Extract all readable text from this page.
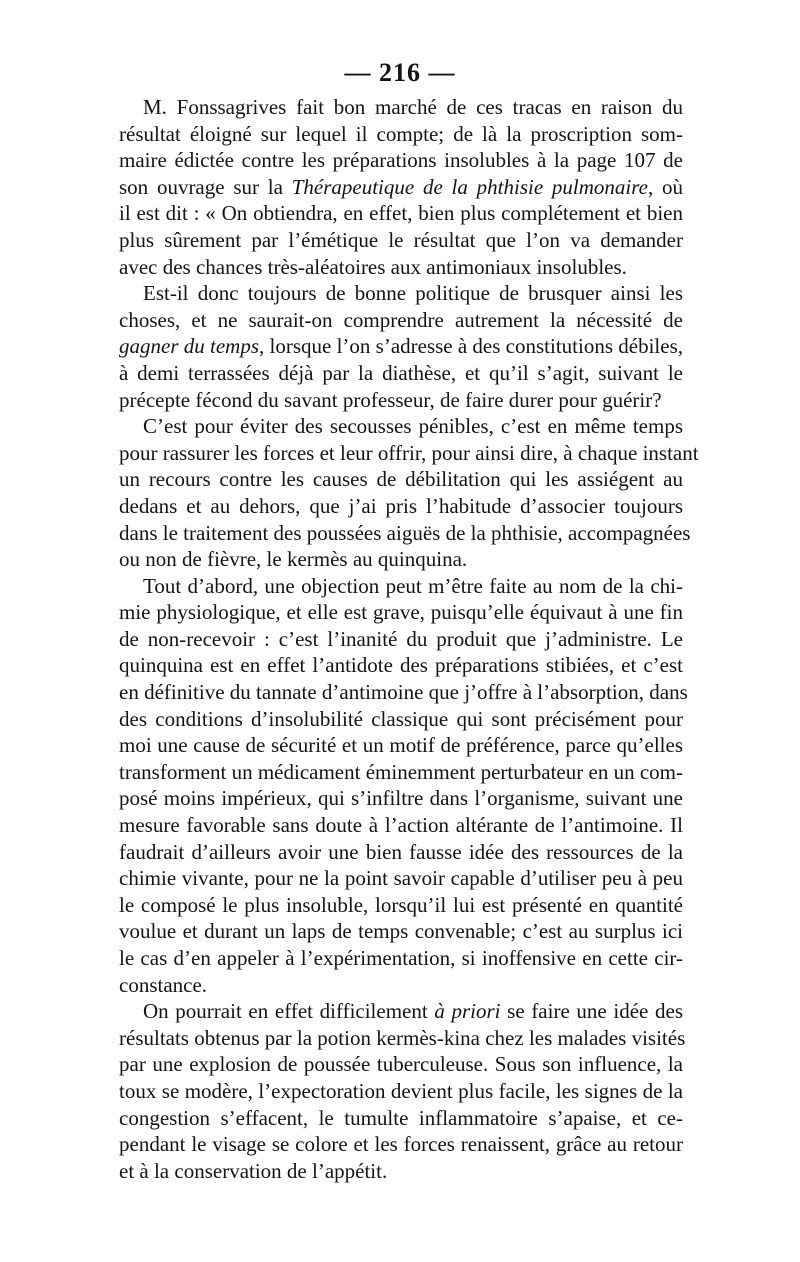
— 216 —
M. Fonssagrives fait bon marché de ces tracas en raison du
résultat éloigné sur lequel il compte; de là la proscription som-
maire édictée contre les préparations insolubles à la page 107 de
son ouvrage sur la Thérapeutique de la phthisie pulmonaire, où
il est dit : « On obtiendra, en effet, bien plus complétement et bien
plus sûrement par l’émétique le résultat que l’on va demander
avec des chances très-aléatoires aux antimoniaux insolubles.
Est-il donc toujours de bonne politique de brusquer ainsi les
choses, et ne saurait-on comprendre autrement la nécessité de
gagner du temps, lorsque l’on s’adresse à des constitutions débiles,
à demi terrassées déjà par la diathèse, et qu’il s’agit, suivant le
précepte fécond du savant professeur, de faire durer pour guérir?
C’est pour éviter des secousses pénibles, c’est en même temps
pour rassurer les forces et leur offrir, pour ainsi dire, à chaque instant
un recours contre les causes de débilitation qui les assiégent au
dedans et au dehors, que j’ai pris l’habitude d’associer toujours
dans le traitement des poussées aiguës de la phthisie, accompagnées
ou non de fièvre, le kermès au quinquina.
Tout d’abord, une objection peut m’être faite au nom de la chi-
mie physiologique, et elle est grave, puisqu’elle équivaut à une fin
de non-recevoir : c’est l’inanité du produit que j’administre. Le
quinquina est en effet l’antidote des préparations stibiées, et c’est
en définitive du tannate d’antimoine que j’offre à l’absorption, dans
des conditions d’insolubilité classique qui sont précisément pour
moi une cause de sécurité et un motif de préférence, parce qu’elles
transforment un médicament éminemment perturbateur en un com-
posé moins impérieux, qui s’infiltre dans l’organisme, suivant une
mesure favorable sans doute à l’action altérante de l’antimoine. Il
faudrait d’ailleurs avoir une bien fausse idée des ressources de la
chimie vivante, pour ne la point savoir capable d’utiliser peu à peu
le composé le plus insoluble, lorsqu’il lui est présenté en quantité
voulue et durant un laps de temps convenable; c’est au surplus ici
le cas d’en appeler à l’expérimentation, si inoffensive en cette cir-
constance.
On pourrait en effet difficilement à priori se faire une idée des
résultats obtenus par la potion kermès-kina chez les malades visités
par une explosion de poussée tuberculeuse. Sous son influence, la
toux se modère, l’expectoration devient plus facile, les signes de la
congestion s’effacent, le tumulte inflammatoire s’apaise, et ce-
pendant le visage se colore et les forces renaissent, grâce au retour
et à la conservation de l’appétit.
